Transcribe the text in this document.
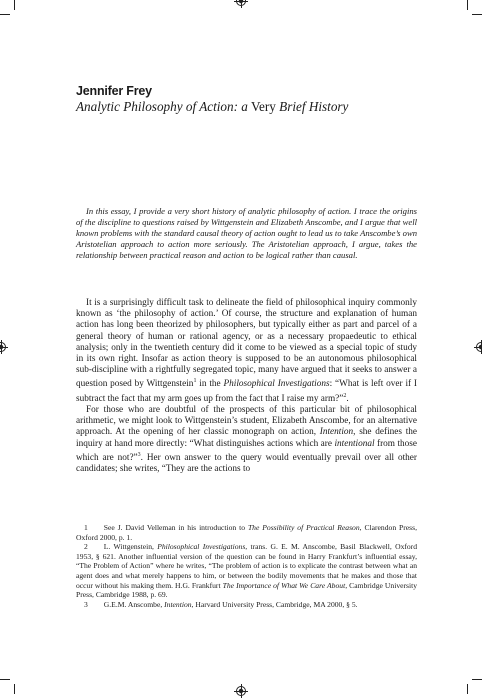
Jennifer Frey
Analytic Philosophy of Action: a Very Brief History

In this essay, I provide a very short history of analytic philosophy of action. I trace the origins of the discipline to questions raised by Wittgenstein and Elizabeth Anscombe, and I argue that well known problems with the standard causal theory of action ought to lead us to take Anscombe’s own Aristotelian approach to action more seriously. The Aristotelian approach, I argue, takes the relationship between practical reason and action to be logical rather than causal.

It is a surprisingly difficult task to delineate the field of philosophical inquiry commonly known as ‘the philosophy of action.’ Of course, the structure and explanation of human action has long been theorized by philosophers, but typically either as part and parcel of a general theory of human or rational agency, or as a necessary propaedeutic to ethical analysis; only in the twentieth century did it come to be viewed as a special topic of study in its own right. Insofar as action theory is supposed to be an autonomous philosophical sub-discipline with a rightfully segregated topic, many have argued that it seeks to answer a question posed by Wittgenstein$^1$ in the Philosophical Investigations: “What is left over if I subtract the fact that my arm goes up from the fact that I raise my arm?”$^2$.

For those who are doubtful of the prospects of this particular bit of philosophical arithmetic, we might look to Wittgenstein’s student, Elizabeth Anscombe, for an alternative approach. At the opening of her classic monograph on action, Intention, she defines the inquiry at hand more directly: “What distinguishes actions which are intentional from those which are not?”$^3$. Her own answer to the query would eventually prevail over all other candidates; she writes, “They are the actions to

1 See J. David Velleman in his introduction to The Possibility of Practical Reason, Clarendon Press, Oxford 2000, p. 1.

2 L. Wittgenstein, Philosophical Investigations, trans. G. E. M. Anscombe, Basil Blackwell, Oxford 1953, § 621. Another influential version of the question can be found in Harry Frankfurt’s influential essay, “The Problem of Action” where he writes, “The problem of action is to explicate the contrast between what an agent does and what merely happens to him, or between the bodily movements that he makes and those that occur without his making them. H.G. Frankfurt The Importance of What We Care About, Cambridge University Press, Cambridge 1988, p. 69.

3 G.E.M. Anscombe, Intention, Harvard University Press, Cambridge, MA 2000, § 5.
